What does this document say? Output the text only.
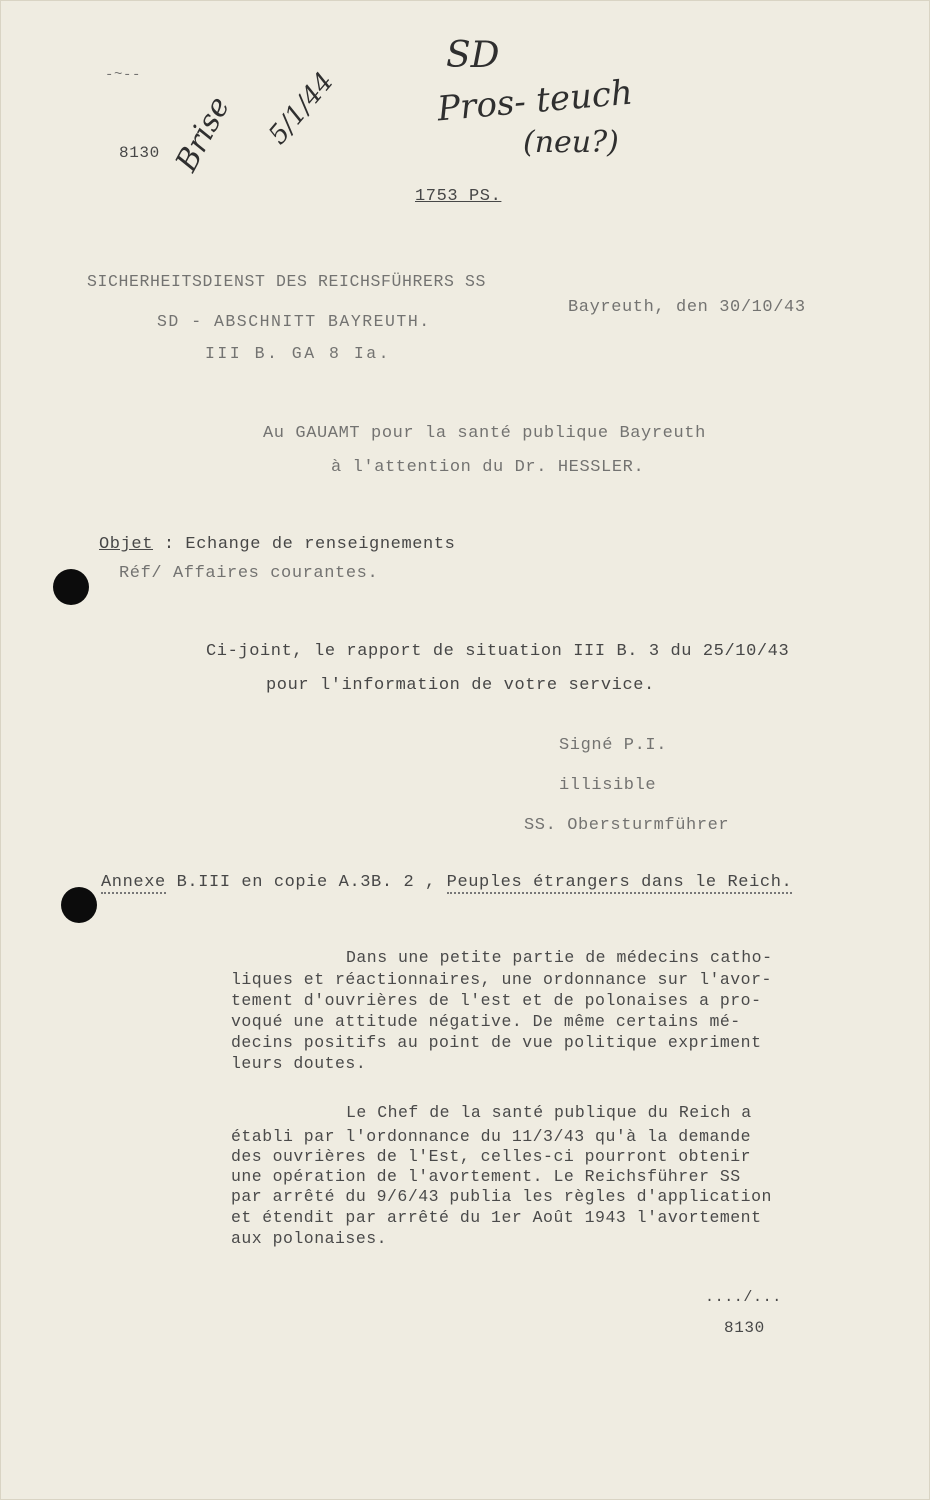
-~--
8130 Brise 5/1/44
SD
Pros- teuch
(neu?)
1753 PS.
SICHERHEITSDIENST DES REICHSFÜHRERS SS
SD - ABSCHNITT BAYREUTH.
III B. GA 8 Ia.
Bayreuth, den 30/10/43
Au GAUAMT pour la santé publique Bayreuth
à l'attention du Dr. HESSLER.
Objet : Echange de renseignements
Réf/ Affaires courantes.
Ci-joint, le rapport de situation III B. 3 du 25/10/43
pour l'information de votre service.
Signé P.I.
illisible
SS. Obersturmführer
Annexe B.III en copie A.3B. 2 , Peuples étrangers dans le Reich.
Dans une petite partie de médecins catho-
liques et réactionnaires, une ordonnance sur l'avor-
tement d'ouvrières de l'est et de polonaises a pro-
voqué une attitude négative. De même certains mé-
decins positifs au point de vue politique expriment
leurs doutes.
Le Chef de la santé publique du Reich a
établi par l'ordonnance du 11/3/43 qu'à la demande
des ouvrières de l'Est, celles-ci pourront obtenir
une opération de l'avortement. Le Reichsführer SS
par arrêté du 9/6/43 publia les règles d'application
et étendit par arrêté du 1er Août 1943 l'avortement
aux polonaises.
..../...
8130
